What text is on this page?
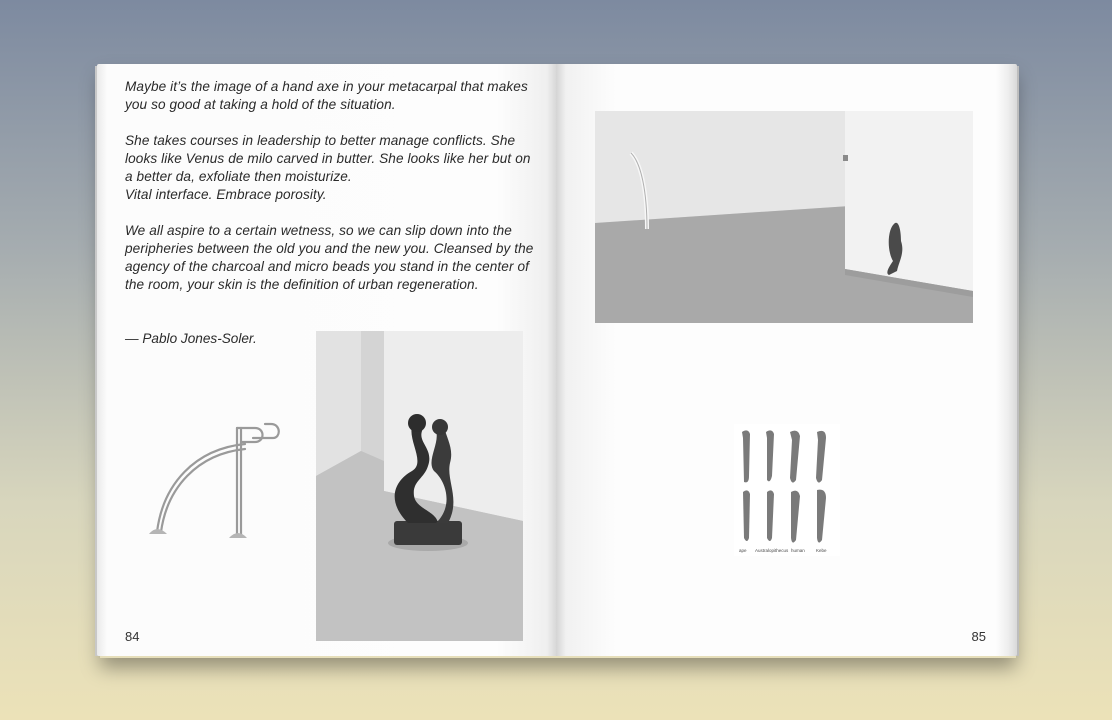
Maybe it’s the image of a hand axe in your metacarpal that makes
you so good at taking a hold of the situation.

She takes courses in leadership to better manage conflicts. She
looks like Venus de milo carved in butter. She looks like her but on
a better da, exfoliate then moisturize.
Vital interface. Embrace porosity.

We all aspire to a certain wetness, so we can slip down into the
peripheries between the old you and the new you. Cleansed by the
agency of the charcoal and micro beads you stand in the center of
the room, your skin is the definition of urban regeneration.

— Pablo Jones-Soler.
84
ape Australopithecus human Kebe
85
